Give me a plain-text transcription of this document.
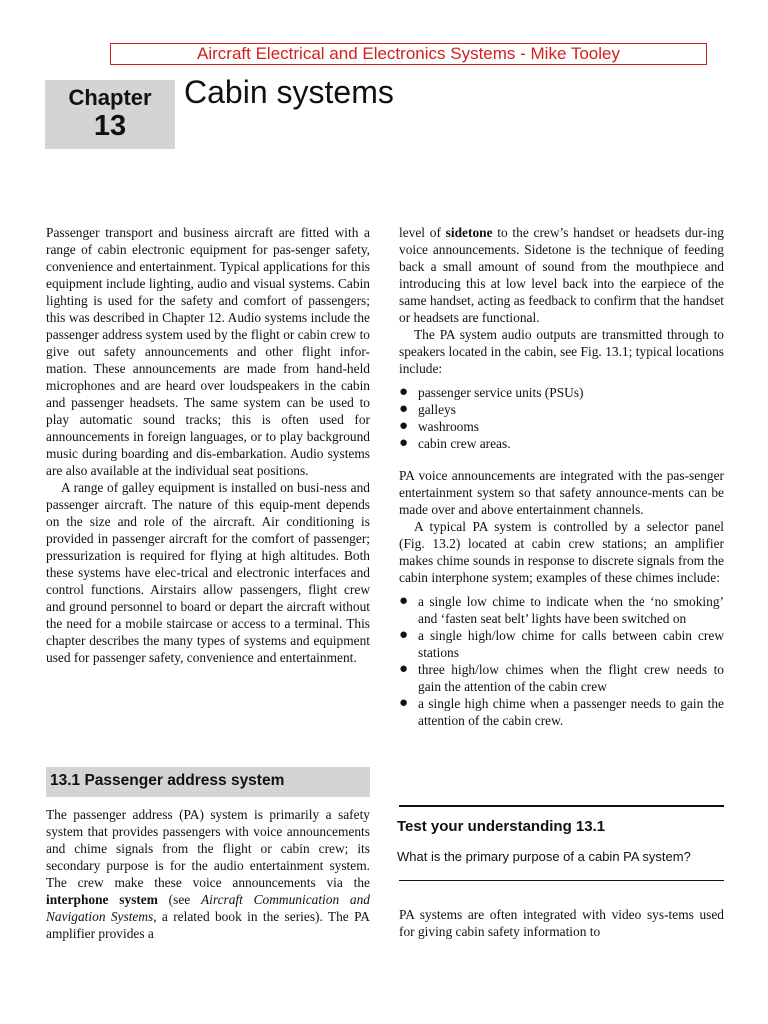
Aircraft Electrical and Electronics Systems - Mike Tooley
Chapter
13
Cabin systems

Passenger transport and business aircraft are fitted with a range of cabin electronic equipment for pas-senger safety, convenience and entertainment. Typical applications for this equipment include lighting, audio and visual systems. Cabin lighting is used for the safety and comfort of passengers; this was described in Chapter 12. Audio systems include the passenger address system used by the flight or cabin crew to give out safety announcements and other flight infor-mation. These announcements are made from hand-held microphones and are heard over loudspeakers in the cabin and passenger headsets. The same system can be used to play automatic sound tracks; this is often used for announcements in foreign languages, or to play background music during boarding and dis-embarkation. Audio systems are also available at the individual seat positions.

A range of galley equipment is installed on busi-ness and passenger aircraft. The nature of this equip-ment depends on the size and role of the aircraft. Air conditioning is provided in passenger aircraft for the comfort of passenger; pressurization is required for flying at high altitudes. Both these systems have elec-trical and electronic interfaces and control functions. Airstairs allow passengers, flight crew and ground personnel to board or depart the aircraft without the need for a mobile staircase or access to a terminal. This chapter describes the many types of systems and equipment used for passenger safety, convenience and entertainment.

13.1 Passenger address system

The passenger address (PA) system is primarily a safety system that provides passengers with voice announcements and chime signals from the flight or cabin crew; its secondary purpose is for the audio entertainment system. The crew make these voice announcements via the interphone system (see Aircraft Communication and Navigation Systems, a related book in the series). The PA amplifier provides a

level of sidetone to the crew’s handset or headsets dur-ing voice announcements. Sidetone is the technique of feeding back a small amount of sound from the mouthpiece and introducing this at low level back into the earpiece of the same handset, acting as feedback to confirm that the handset or headsets are functional.

The PA system audio outputs are transmitted through to speakers located in the cabin, see Fig. 13.1; typical locations include:

● passenger service units (PSUs)
● galleys
● washrooms
● cabin crew areas.

PA voice announcements are integrated with the pas-senger entertainment system so that safety announce-ments can be made over and above entertainment channels.

A typical PA system is controlled by a selector panel (Fig. 13.2) located at cabin crew stations; an amplifier makes chime sounds in response to discrete signals from the cabin interphone system; examples of these chimes include:

● a single low chime to indicate when the ‘no smoking’ and ‘fasten seat belt’ lights have been switched on
● a single high/low chime for calls between cabin crew stations
● three high/low chimes when the flight crew needs to gain the attention of the cabin crew
● a single high chime when a passenger needs to gain the attention of the cabin crew.
Test your understanding 13.1
What is the primary purpose of a cabin PA system?

PA systems are often integrated with video sys-tems used for giving cabin safety information to
